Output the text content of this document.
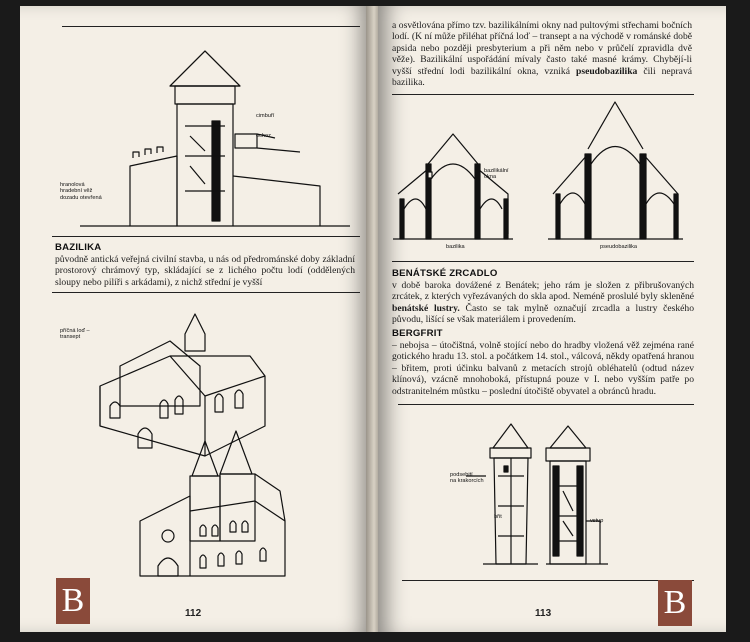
cimbuří
ochoz
hranolová
hradební věž
dozadu otevřená
BAZILIKA
původně antická veřejná civilní stavba, u nás od předrománské doby základní prostorový chrámový typ, skládající se z lichého počtu lodí (oddělených sloupy nebo pilíři s arkádami), z nichž střední je vyšší
příčná loď –
transept
B	112
a osvětlována přímo tzv. bazilikálními okny nad pultovými střechami bočních lodí. (K ní může přiléhat příčná loď – transept a na východě v románské době apsida nebo později presbyterium a při něm nebo v průčelí zpravidla dvě věže). Bazilikální uspořádání mívaly často také masné krámy. Chybějí-li vyšší střední lodi bazilikální okna, vzniká pseudobazilika čili nepravá bazilika.
bazilikální
okna
bazilika	pseudobazilika
BENÁTSKÉ ZRCADLO
v době baroka dovážené z Benátek; jeho rám je složen z přibrušovaných zrcátek, z kterých vyřezávaných do skla apod. Neméně proslulé byly skleněné benátské lustry. Často se tak mylně označují zrcadla a lustry českého původu, lišící se však materiálem i provedením.
BERGFRIT
– nebojsa – útočištná, volně stojící nebo do hradby vložená věž zejména rané gotického hradu 13. stol. a počátkem 14. stol., válcová, někdy opatřená hranou – břitem, proti účinku balvanů z metacích strojů obléhatelů (odtud název klínová), vzácně mnohoboká, přístupná pouze v I. nebo vyšším patře po odstranitelném můstku – poslední útočiště obyvatel a obránců hradu.
podsebití
na krakorcích
břit
vstup
113	B
